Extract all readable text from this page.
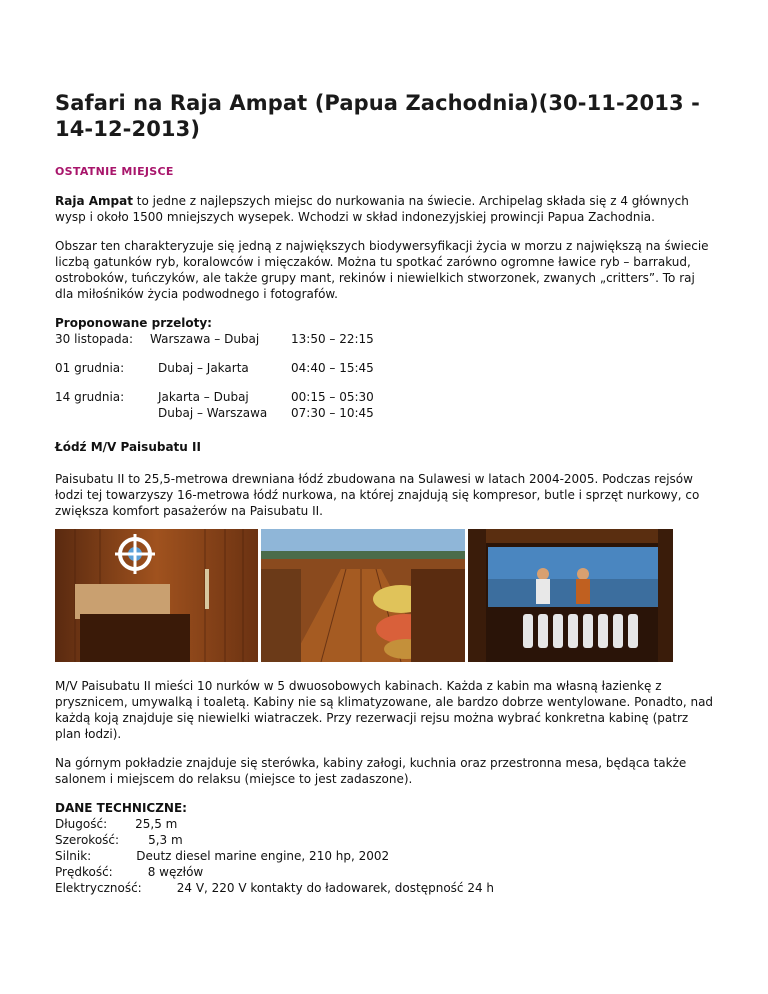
Safari na Raja Ampat (Papua Zachodnia)(30-11-2013 - 14-12-2013)
OSTATNIE MIEJSCE

Raja Ampat to jedne z najlepszych miejsc do nurkowania na świecie. Archipelag składa się z 4 głównych wysp i około 1500 mniejszych wysepek. Wchodzi w skład indonezyjskiej prowincji Papua Zachodnia.

Obszar ten charakteryzuje się jedną z największych biodywersyfikacji życia w morzu z największą na świecie liczbą gatunków ryb, koralowców i mięczaków. Można tu spotkać zarówno ogromne ławice ryb – barrakud, ostroboków, tuńczyków, ale także grupy mant, rekinów i niewielkich stworzonek, zwanych „critters”. To raj dla miłośników życia podwodnego i fotografów.

Proponowane przeloty:
30 listopada:	Warszawa – Dubaj	13:50 – 22:15
01 grudnia:	Dubaj – Jakarta	04:40 – 15:45
14 grudnia:	Jakarta – Dubaj	00:15 – 05:30
Dubaj – Warszawa	07:30 – 10:45
Łódź M/V Paisubatu II

Paisubatu II to 25,5-metrowa drewniana łódź zbudowana na Sulawesi w latach 2004-2005. Podczas rejsów łodzi tej towarzyszy 16-metrowa łódź nurkowa, na której znajdują się kompresor, butle i sprzęt nurkowy, co zwiększa komfort pasażerów na Paisubatu II.

M/V Paisubatu II mieści 10 nurków w 5 dwuosobowych kabinach. Każda z kabin ma własną łazienkę z prysznicem, umywalką i toaletą. Kabiny nie są klimatyzowane, ale bardzo dobrze wentylowane. Ponadto, nad każdą koją znajduje się niewielki wiatraczek. Przy rezerwacji rejsu można wybrać konkretna kabinę (patrz plan łodzi).

Na górnym pokładzie znajduje się sterówka, kabiny załogi, kuchnia oraz przestronna mesa, będąca także salonem i miejscem do relaksu (miejsce to jest zadaszone).

DANE TECHNICZNE:
Długość: 25,5 m
Szerokość: 5,3 m
Silnik:	Deutz diesel marine engine, 210 hp, 2002
Prędkość:	8 węzłów
Elektryczność:	24 V, 220 V kontakty do ładowarek, dostępność 24 h
